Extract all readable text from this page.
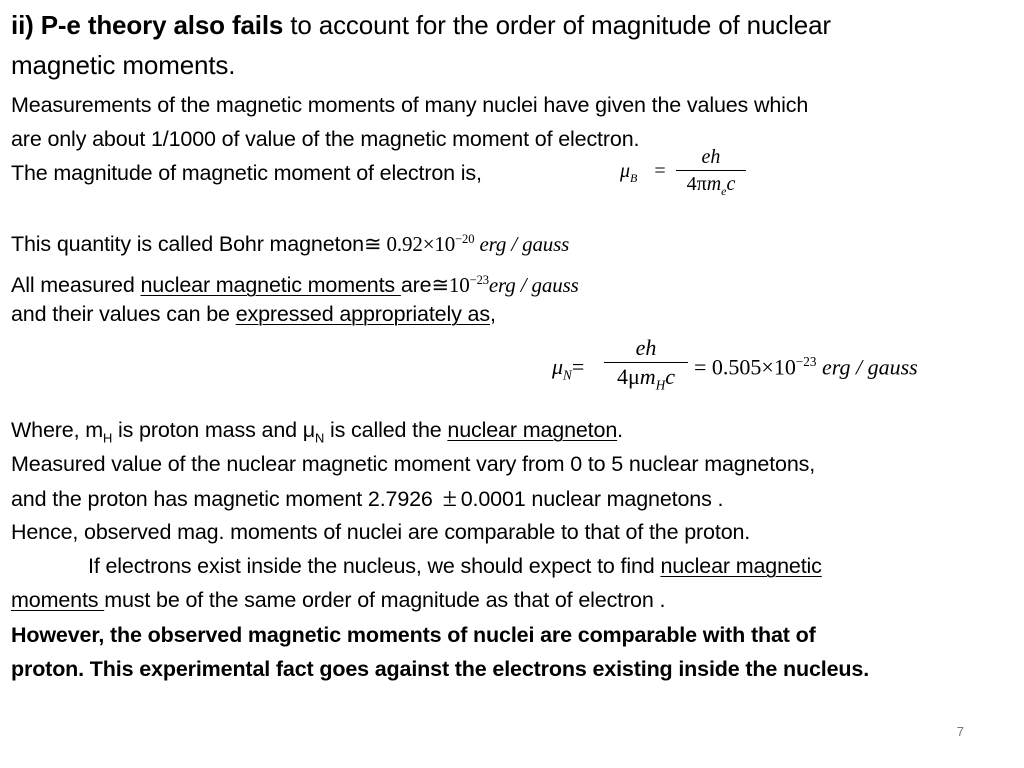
ii) P-e theory also fails to account for the order of magnitude of nuclear
magnetic moments.
Measurements of the magnetic moments of many nuclei have given the values which
are only about 1/1000 of value of the magnetic moment of electron.
The magnitude of magnetic moment of electron is,	$\mu_B$ =
eh
$4\pi m_ec$
This quantity is called Bohr magneton≅ $0.92\times 10^{-20}$ erg / gauss
All measured nuclear magnetic moments $are≅10^{-23}erg$ / gauss
and their values can be expressed appropriately as,
$\mu_N=$
eh
$4\mu m_Hc = 0.505\times 10^{-23}$ erg / gauss
Where, $m_H$ is proton mass and $\mu_N$ is called the nuclear magneton.
Measured value of the nuclear magnetic moment vary from 0 to 5 nuclear magnetons,
and the proton has magnetic moment 2.7926 ± 0.0001 nuclear magnetons .
Hence, observed mag. moments of nuclei are comparable to that of the proton.
If electrons exist inside the nucleus, we should expect to find nuclear magnetic
moments must be of the same order of magnitude as that of electron .
However, the observed magnetic moments of nuclei are comparable with that of
proton. This experimental fact goes against the electrons existing inside the nucleus.
7
